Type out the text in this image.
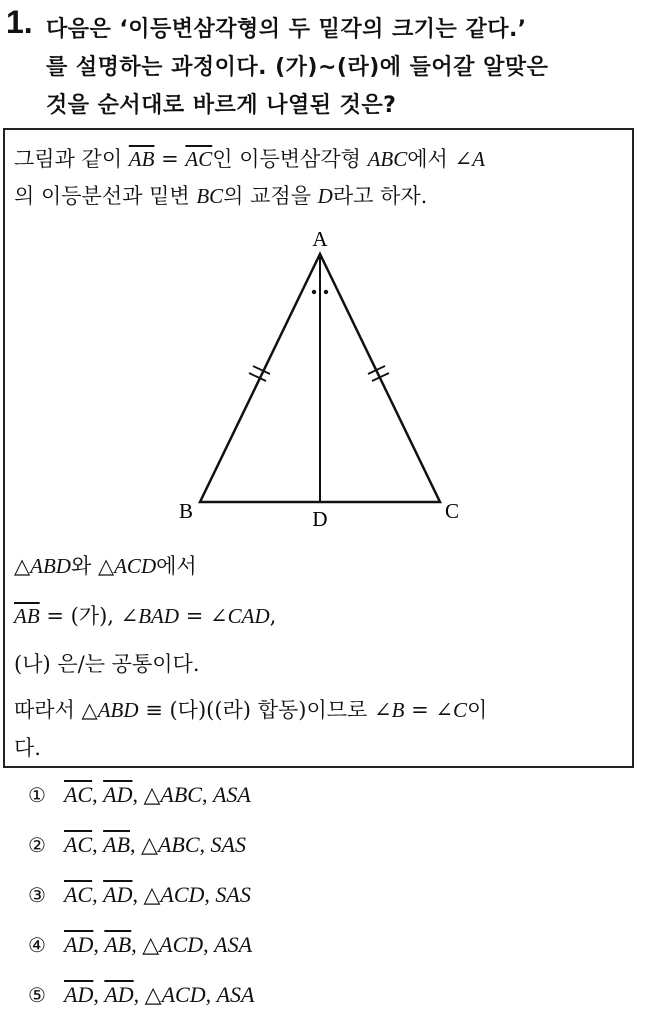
1. 다음은 ‘이등변삼각형의 두 밑각의 크기는 같다.’
를 설명하는 과정이다. (가)~(라)에 들어갈 알맞은
것을 순서대로 바르게 나열된 것은?
그림과 같이 $\overline{AB} = \overline{AC}$인 이등변삼각형 ABC에서 ∠A
의 이등분선과 밑변 BC의 교점을 D라고 하자.
A
B	C
D
△ABD와 △ACD에서
$\overline{AB}$ = (가), ∠BAD = ∠CAD,
(나) 은/는 공통이다.
따라서 △ABD ≡ (다)((라) 합동)이므로 ∠B = ∠C이
다.
① $\overline{AC}$, $\overline{AD}$, △ABC, ASA
② $\overline{AC}$, $\overline{AB}$, △ABC, SAS
③ $\overline{AC}$, $\overline{AD}$, △ACD, SAS
④ $\overline{AD}$, $\overline{AB}$, △ACD, ASA
⑤ $\overline{AD}$, $\overline{AD}$, △ACD, ASA
